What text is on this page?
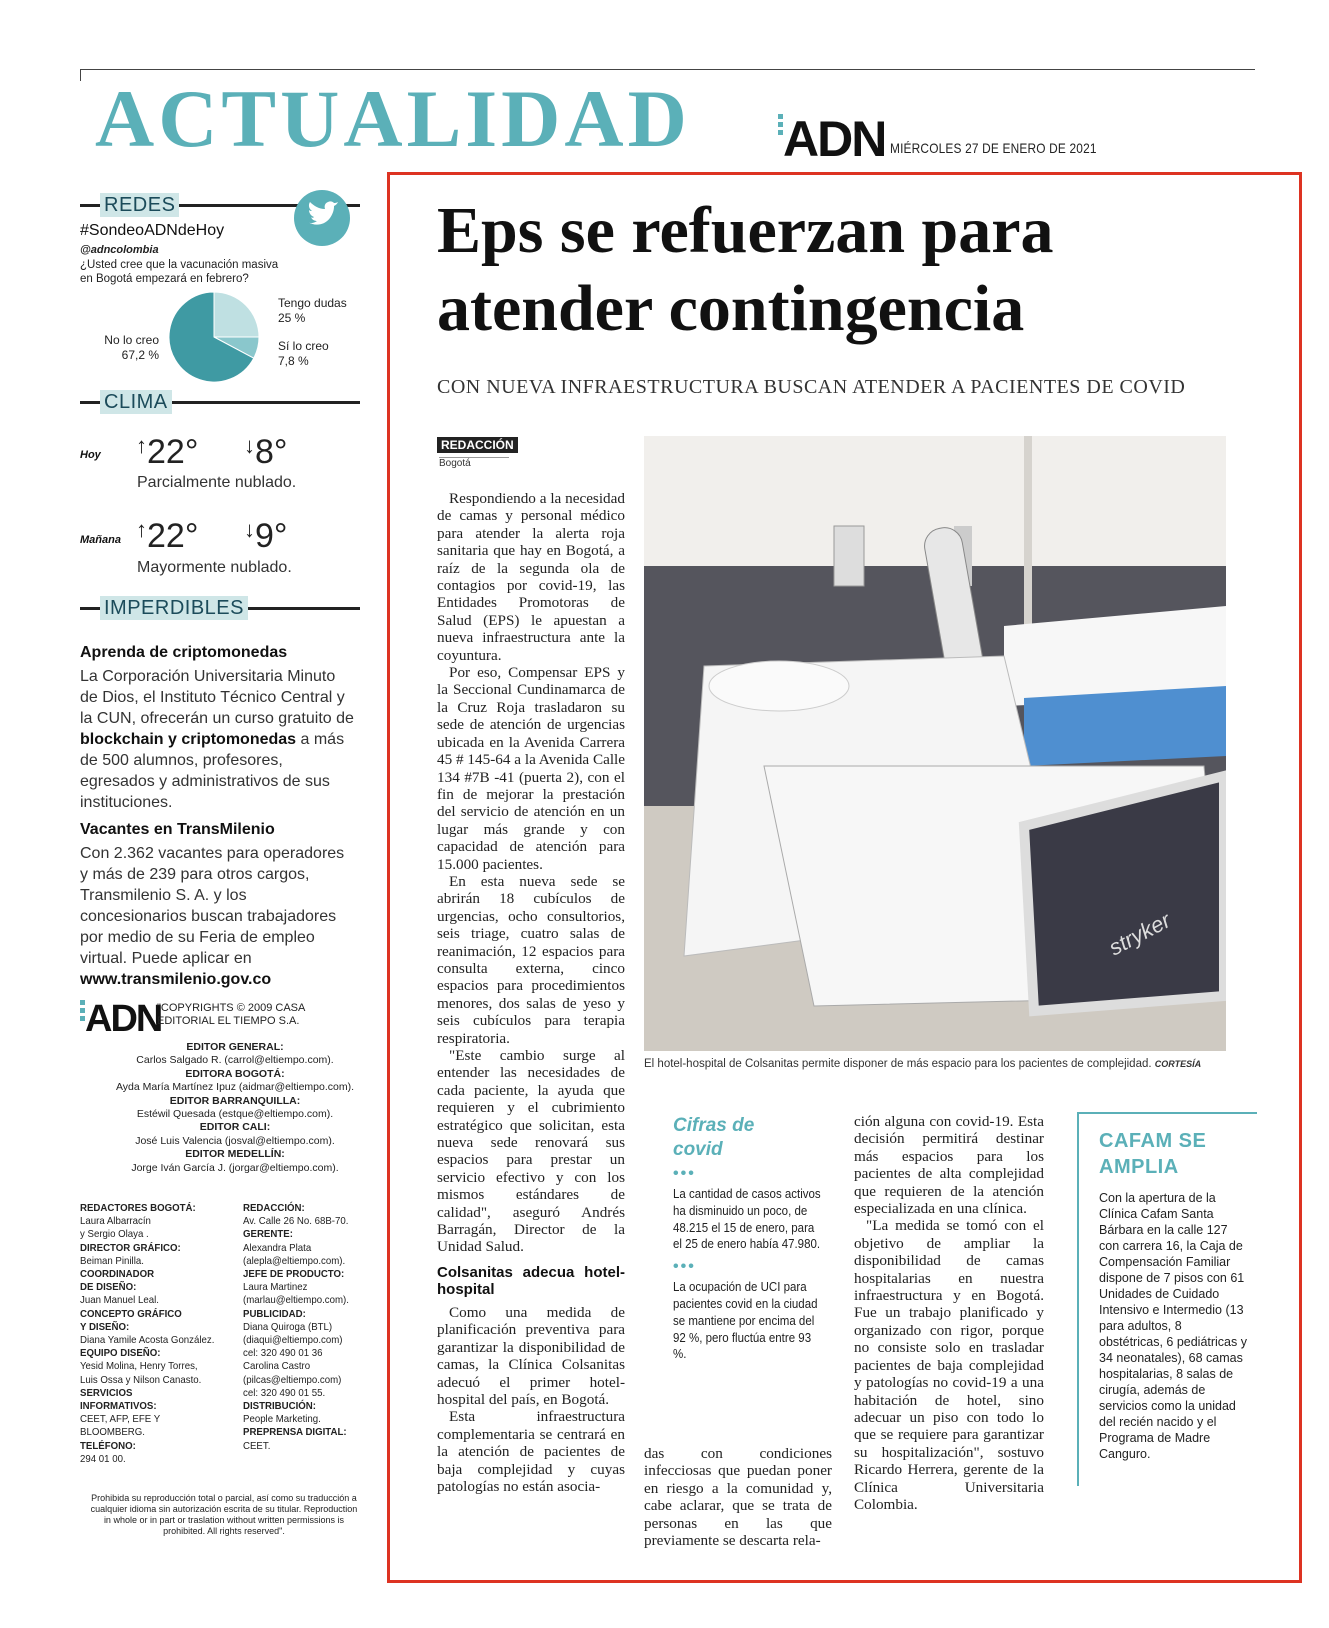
ACTUALIDAD ADN MIÉRCOLES 27 DE ENERO DE 2021
REDES
#SondeoADNdeHoy
@adncolombia
¿Usted cree que la vacunación masiva en Bogotá empezará en febrero?
No lo creo
67,2 %
Tengo dudas
25 %
Sí lo creo
7,8 %
CLIMA
Hoy ↑22° ↓8°
Parcialmente nublado.
Mañana ↑22° ↓9°
Mayormente nublado.
IMPERDIBLES
Aprenda de criptomonedas
La Corporación Universitaria Minuto de Dios, el Instituto Técnico Central y la CUN, ofrecerán un curso gratuito de blockchain y criptomonedas a más de 500 alumnos, profesores, egresados y administrativos de sus instituciones.
Vacantes en TransMilenio
Con 2.362 vacantes para operadores y más de 239 para otros cargos, Transmilenio S. A. y los concesionarios buscan trabajadores por medio de su Feria de empleo virtual. Puede aplicar en www.transmilenio.gov.co
ADN
"COPYRIGHTS © 2009 CASA EDITORIAL EL TIEMPO S.A.
EDITOR GENERAL:
Carlos Salgado R. (carrol@eltiempo.com).
EDITORA BOGOTÁ:
Ayda María Martínez Ipuz (aidmar@eltiempo.com).
EDITOR BARRANQUILLA:
Estéwil Quesada (estque@eltiempo.com).
EDITOR CALI:
José Luis Valencia (josval@eltiempo.com).
EDITOR MEDELLÍN:
Jorge Iván García J. (jorgar@eltiempo.com).
REDACTORES BOGOTÁ:
Laura Albarracín
y Sergio Olaya .
DIRECTOR GRÁFICO:
Beiman Pinilla.
COORDINADOR
DE DISEÑO:
Juan Manuel Leal.
CONCEPTO GRÁFICO
Y DISEÑO:
Diana Yamile Acosta González.
EQUIPO DISEÑO:
Yesid Molina, Henry Torres,
Luis Ossa y Nilson Canasto.
SERVICIOS
INFORMATIVOS:
CEET, AFP, EFE Y BLOOMBERG.
TELÉFONO:
294 01 00.
REDACCIÓN:
Av. Calle 26 No. 68B-70.
GERENTE:
Alexandra Plata
(alepla@eltiempo.com).
JEFE DE PRODUCTO:
Laura Martinez
(marlau@eltiempo.com).
PUBLICIDAD:
Diana Quiroga (BTL)
(diaqui@eltiempo.com)
cel: 320 490 01 36
Carolina Castro
(pilcas@eltiempo.com)
cel: 320 490 01 55.
DISTRIBUCIÓN:
People Marketing.
PREPRENSA DIGITAL:
CEET.
Prohibida su reproducción total o parcial, así como su traducción a cualquier idioma sin autorización escrita de su titular. Reproduction in whole or in part or traslation without written permissions is prohibited. All rights reserved".
Eps se refuerzan para atender contingencia
CON NUEVA INFRAESTRUCTURA BUSCAN ATENDER A PACIENTES DE COVID
REDACCIÓN
Bogotá

Respondiendo a la necesidad de camas y personal médico para atender la alerta roja sanitaria que hay en Bogotá, a raíz de la segunda ola de contagios por covid-19, las Entidades Promotoras de Salud (EPS) le apuestan a nueva infraestructura ante la coyuntura.

Por eso, Compensar EPS y la Seccional Cundinamarca de la Cruz Roja trasladaron su sede de atención de urgencias ubicada en la Avenida Carrera 45 # 145-64 a la Avenida Calle 134 #7B -41 (puerta 2), con el fin de mejorar la prestación del servicio de atención en un lugar más grande y con capacidad de atención para 15.000 pacientes.

En esta nueva sede se abrirán 18 cubículos de urgencias, ocho consultorios, seis triage, cuatro salas de reanimación, 12 espacios para consulta externa, cinco espacios para procedimientos menores, dos salas de yeso y seis cubículos para terapia respiratoria.

"Este cambio surge al entender las necesidades de cada paciente, la ayuda que requieren y el cubrimiento estratégico que solicitan, esta nueva sede renovará sus espacios para prestar un servicio efectivo y con los mismos estándares de calidad", aseguró Andrés Barragán, Director de la Unidad Salud.

Colsanitas adecua hotel-hospital

Como una medida de planificación preventiva para garantizar la disponibilidad de camas, la Clínica Colsanitas adecuó el primer hotel-hospital del país, en Bogotá.

Esta infraestructura complementaria se centrará en la atención de pacientes de baja complejidad y cuyas patologías no están asocia-

stryker
El hotel-hospital de Colsanitas permite disponer de más espacio para los pacientes de complejidad. CORTESÍA

das con condiciones infecciosas que puedan poner en riesgo a la comunidad y, cabe aclarar, que se trata de personas en las que previamente se descarta rela-

Cifras de covid
•••
La cantidad de casos activos ha disminuido un poco, de 48.215 el 15 de enero, para el 25 de enero había 47.980.
•••
La ocupación de UCI para pacientes covid en la ciudad se mantiene por encima del 92 %, pero fluctúa entre 93 %.

ción alguna con covid-19. Esta decisión permitirá destinar más espacios para los pacientes de alta complejidad que requieren de la atención especializada en una clínica.

"La medida se tomó con el objetivo de ampliar la disponibilidad de camas hospitalarias en nuestra infraestructura y en Bogotá. Fue un trabajo planificado y organizado con rigor, porque no consiste solo en trasladar pacientes de baja complejidad y patologías no covid-19 a una habitación de hotel, sino adecuar un piso con todo lo que se requiere para garantizar su hospitalización", sostuvo Ricardo Herrera, gerente de la Clínica Universitaria Colombia.

CAFAM SE AMPLIA
Con la apertura de la Clínica Cafam Santa Bárbara en la calle 127 con carrera 16, la Caja de Compensación Familiar dispone de 7 pisos con 61 Unidades de Cuidado Intensivo e Intermedio (13 para adultos, 8 obstétricas, 6 pediátricas y 34 neonatales), 68 camas hospitalarias, 8 salas de cirugía, además de servicios como la unidad del recién nacido y el Programa de Madre Canguro.
